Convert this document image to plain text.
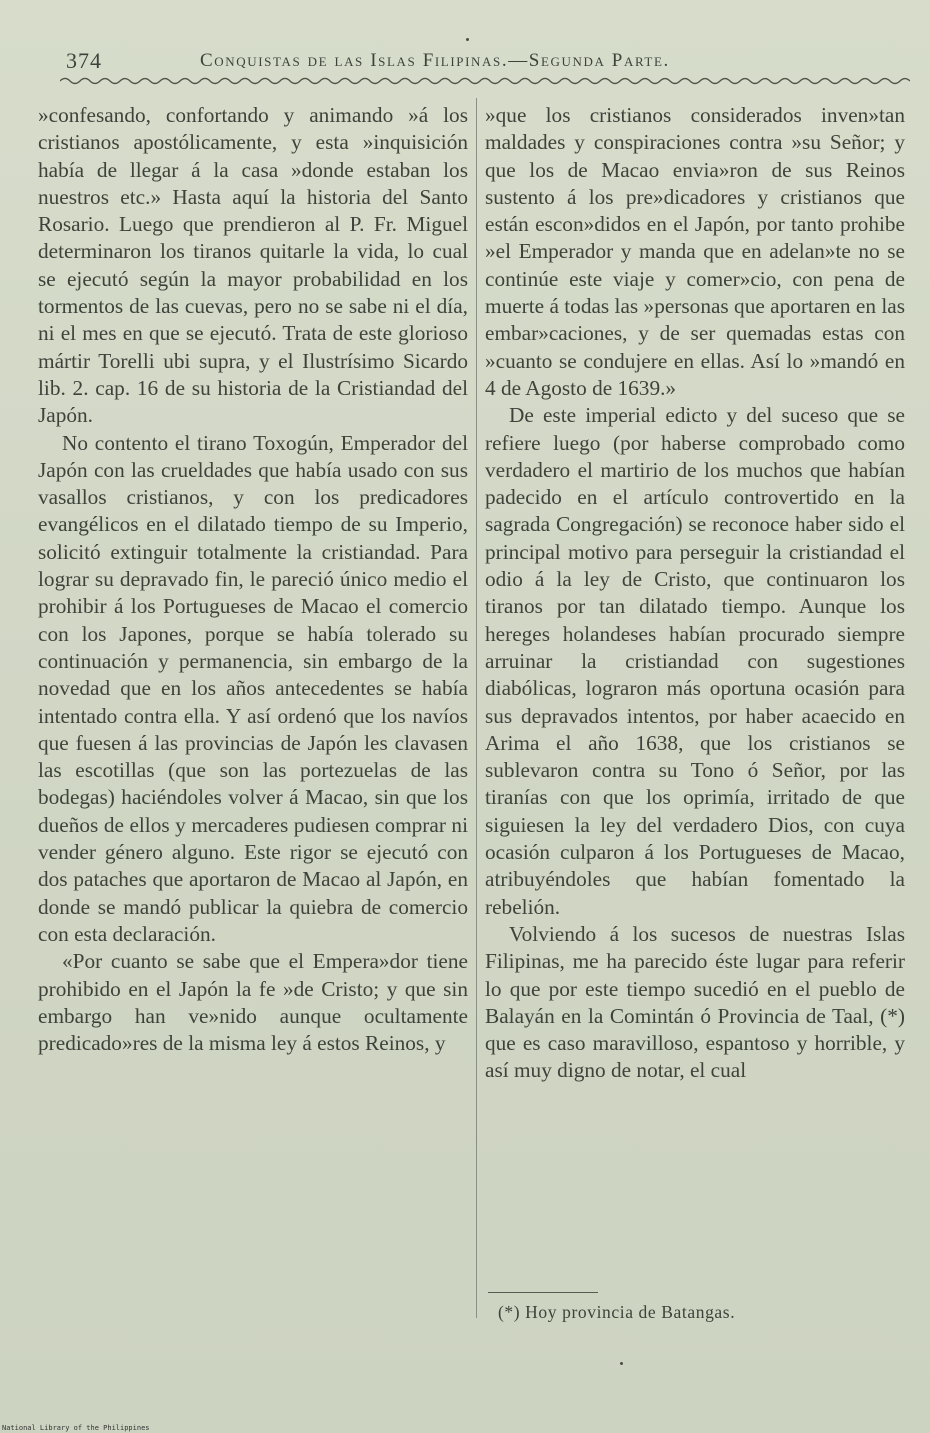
374	Conquistas de las Islas Filipinas.—Segunda Parte.

»confesando, confortando y animando »á los cristianos apostólicamente, y esta »inquisición había de llegar á la casa »donde estaban los nuestros etc.» Hasta aquí la historia del Santo Rosario. Luego que prendieron al P. Fr. Miguel determinaron los tiranos quitarle la vida, lo cual se ejecutó según la mayor probabilidad en los tormentos de las cuevas, pero no se sabe ni el día, ni el mes en que se ejecutó. Trata de este glorioso mártir Torelli ubi supra, y el Ilustrísimo Sicardo lib. 2. cap. 16 de su historia de la Cristiandad del Japón.

No contento el tirano Toxogún, Emperador del Japón con las crueldades que había usado con sus vasallos cristianos, y con los predicadores evangélicos en el dilatado tiempo de su Imperio, solicitó extinguir totalmente la cristiandad. Para lograr su depravado fin, le pareció único medio el prohibir á los Portugueses de Macao el comercio con los Japones, porque se había tolerado su continuación y permanencia, sin embargo de la novedad que en los años antecedentes se había intentado contra ella. Y así ordenó que los navíos que fuesen á las provincias de Japón les clavasen las escotillas (que son las portezuelas de las bodegas) haciéndoles volver á Macao, sin que los dueños de ellos y mercaderes pudiesen comprar ni vender género alguno. Este rigor se ejecutó con dos pataches que aportaron de Macao al Japón, en donde se mandó publicar la quiebra de comercio con esta declaración.

«Por cuanto se sabe que el Empera»dor tiene prohibido en el Japón la fe »de Cristo; y que sin embargo han ve»nido aunque ocultamente predicado»res de la misma ley á estos Reinos, y

»que los cristianos considerados inven»tan maldades y conspiraciones contra »su Señor; y que los de Macao envia»ron de sus Reinos sustento á los pre»dicadores y cristianos que están escon»didos en el Japón, por tanto prohibe »el Emperador y manda que en adelan»te no se continúe este viaje y comer»cio, con pena de muerte á todas las »personas que aportaren en las embar»caciones, y de ser quemadas estas con »cuanto se condujere en ellas. Así lo »mandó en 4 de Agosto de 1639.»

De este imperial edicto y del suceso que se refiere luego (por haberse comprobado como verdadero el martirio de los muchos que habían padecido en el artículo controvertido en la sagrada Congregación) se reconoce haber sido el principal motivo para perseguir la cristiandad el odio á la ley de Cristo, que continuaron los tiranos por tan dilatado tiempo. Aunque los hereges holandeses habían procurado siempre arruinar la cristiandad con sugestiones diabólicas, lograron más oportuna ocasión para sus depravados intentos, por haber acaecido en Arima el año 1638, que los cristianos se sublevaron contra su Tono ó Señor, por las tiranías con que los oprimía, irritado de que siguiesen la ley del verdadero Dios, con cuya ocasión culparon á los Portugueses de Macao, atribuyéndoles que habían fomentado la rebelión.

Volviendo á los sucesos de nuestras Islas Filipinas, me ha parecido éste lugar para referir lo que por este tiempo sucedió en el pueblo de Balayán en la Comintán ó Provincia de Taal, (*) que es caso maravilloso, espantoso y horrible, y así muy digno de notar, el cual

(*) Hoy provincia de Batangas.
National Library of the Philippines
